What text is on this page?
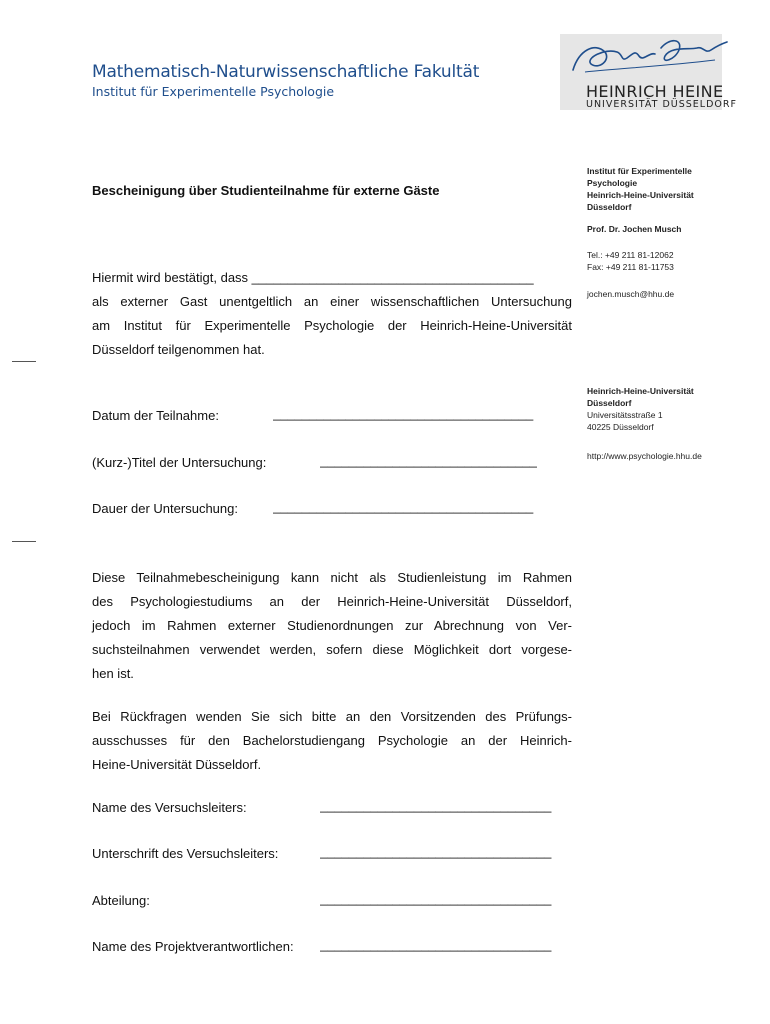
Mathematisch-Naturwissenschaftliche Fakultät
Institut für Experimentelle Psychologie	HEINRICH HEINE
UNIVERSITÄT DÜSSELDORF
Bescheinigung über Studienteilnahme für externe Gäste
Institut für Experimentelle
Psychologie
Heinrich-Heine-Universität
Düsseldorf
Prof. Dr. Jochen Musch
Tel.: +49 211 81-12062
Fax: +49 211 81-11753
jochen.musch@hhu.de
Heinrich-Heine-Universität
Düsseldorf
Universitätsstraße 1
40225 Düsseldorf
http://www.psychologie.hhu.de
Hiermit wird bestätigt, dass _______________________________________
als externer Gast unentgeltlich an einer wissenschaftlichen Untersuchung
am Institut für Experimentelle Psychologie der Heinrich-Heine-Universität
Düsseldorf teilgenommen hat.
Datum der Teilnahme:	____________________________________
(Kurz-)Titel der Untersuchung:	______________________________
Dauer der Untersuchung:	____________________________________
Diese Teilnahmebescheinigung kann nicht als Studienleistung im Rahmen
des Psychologiestudiums an der Heinrich-Heine-Universität Düsseldorf,
jedoch im Rahmen externer Studienordnungen zur Abrechnung von Ver-
suchsteilnahmen verwendet werden, sofern diese Möglichkeit dort vorgese-
hen ist.
Bei Rückfragen wenden Sie sich bitte an den Vorsitzenden des Prüfungs-
ausschusses für den Bachelorstudiengang Psychologie an der Heinrich-
Heine-Universität Düsseldorf.
Name des Versuchsleiters:	________________________________
Unterschrift des Versuchsleiters:	________________________________
Abteilung:	________________________________
Name des Projektverantwortlichen: ________________________________
